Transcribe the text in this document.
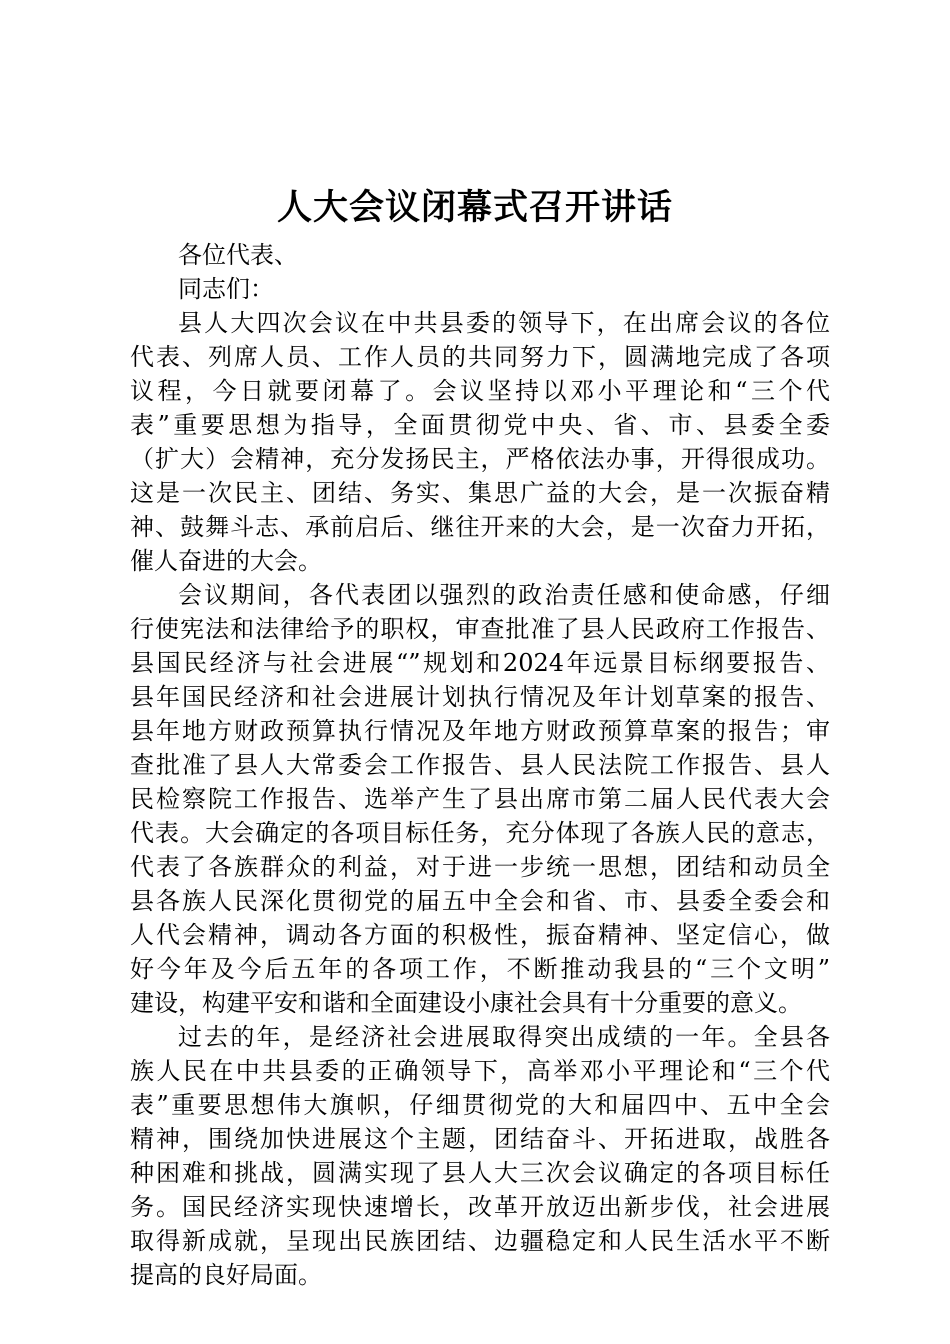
人大会议闭幕式召开讲话
各位代表、
同志们：
县人大四次会议在中共县委的领导下，在出席会议的各位
代表、列席人员、工作人员的共同努力下，圆满地完成了各项
议程，今日就要闭幕了。会议坚持以邓小平理论和“三个代
表”重要思想为指导，全面贯彻党中央、省、市、县委全委
（扩大）会精神，充分发扬民主，严格依法办事，开得很成功。
这是一次民主、团结、务实、集思广益的大会，是一次振奋精
神、鼓舞斗志、承前启后、继往开来的大会，是一次奋力开拓，
催人奋进的大会。
会议期间，各代表团以强烈的政治责任感和使命感，仔细
行使宪法和法律给予的职权，审查批准了县人民政府工作报告、
县国民经济与社会进展“”规划和2024年远景目标纲要报告、
县年国民经济和社会进展计划执行情况及年计划草案的报告、
县年地方财政预算执行情况及年地方财政预算草案的报告；审
查批准了县人大常委会工作报告、县人民法院工作报告、县人
民检察院工作报告、选举产生了县出席市第二届人民代表大会
代表。大会确定的各项目标任务，充分体现了各族人民的意志，
代表了各族群众的利益，对于进一步统一思想，团结和动员全
县各族人民深化贯彻党的届五中全会和省、市、县委全委会和
人代会精神，调动各方面的积极性，振奋精神、坚定信心，做
好今年及今后五年的各项工作，不断推动我县的“三个文明”
建设，构建平安和谐和全面建设小康社会具有十分重要的意义。
过去的年，是经济社会进展取得突出成绩的一年。全县各
族人民在中共县委的正确领导下，高举邓小平理论和“三个代
表”重要思想伟大旗帜，仔细贯彻党的大和届四中、五中全会
精神，围绕加快进展这个主题，团结奋斗、开拓进取，战胜各
种困难和挑战，圆满实现了县人大三次会议确定的各项目标任
务。国民经济实现快速增长，改革开放迈出新步伐，社会进展
取得新成就，呈现出民族团结、边疆稳定和人民生活水平不断
提高的良好局面。
